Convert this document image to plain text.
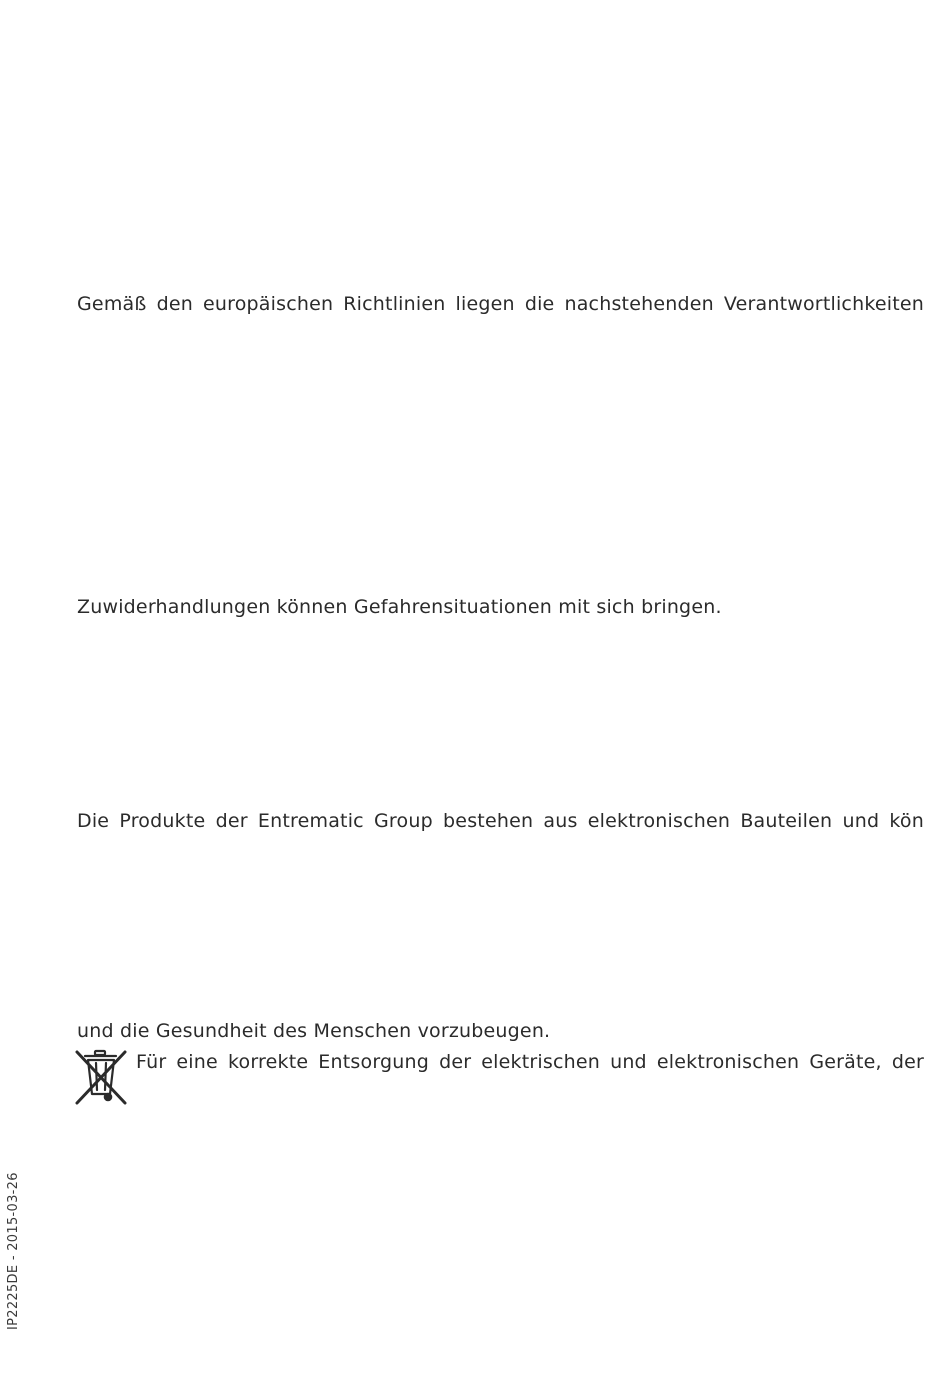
Gemäß den europäischen Richtlinien liegen die nachstehenden Verantwortlichkeiten

Zuwiderhandlungen können Gefahrensituationen mit sich bringen.

Die Produkte der Entrematic Group bestehen aus elektronischen Bauteilen und kön

und die Gesundheit des Menschen vorzubeugen.

Für eine korrekte Entsorgung der elektrischen und elektronischen Geräte, der

IP2225DE - 2015-03-26
